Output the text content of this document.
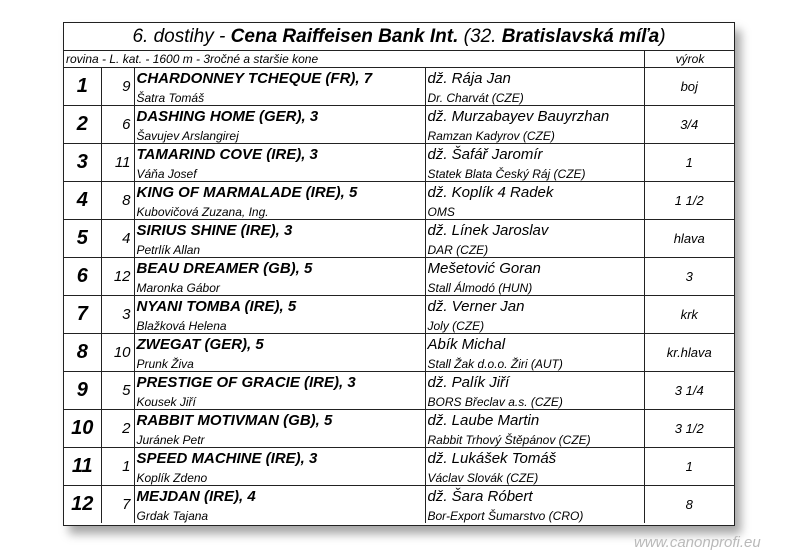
6. dostihy -
Cena Raiffeisen Bank Int.
(32.
Bratislavská míľa )
rovina - L. kat. - 1600 m - 3ročné a staršie kone	výrok
1	9	CHARDONNEY TCHEQUE (FR), 7	dž. Rája Jan	boj
		Šatra Tomáš	Dr. Charvát (CZE)	
2	6	DASHING HOME (GER), 3	dž. Murzabayev Bauyrzhan	3/4
		Šavujev Arslangirej	Ramzan Kadyrov (CZE)	
3	11	TAMARIND COVE (IRE), 3	dž. Šafář Jaromír	1
		Váňa Josef	Statek Blata Český Ráj (CZE)	
4	8	KING OF MARMALADE (IRE), 5	dž. Koplík 4 Radek	1 1/2
		Kubovičová Zuzana, Ing.	OMS	
5	4	SIRIUS SHINE (IRE), 3	dž. Línek Jaroslav	hlava
		Petrlík Allan	DAR (CZE)	
6	12	BEAU DREAMER (GB), 5	Mešetović Goran	3
		Maronka Gábor	Stall Álmodó (HUN)	
7	3	NYANI TOMBA (IRE), 5	dž. Verner Jan	krk
		Blažková Helena	Joly (CZE)	
8	10	ZWEGAT (GER), 5	Abík Michal	kr.hlava
		Prunk Živa	Stall Žak d.o.o. Žiri (AUT)	
9	5	PRESTIGE OF GRACIE (IRE), 3	dž. Palík Jiří	3 1/4
		Kousek Jiří	BORS Břeclav a.s. (CZE)	
10	2	RABBIT MOTIVMAN (GB), 5	dž. Laube Martin	3 1/2
		Juránek Petr	Rabbit Trhový Štěpánov (CZE)	
11	1	SPEED MACHINE (IRE), 3	dž. Lukášek Tomáš	1
		Koplík Zdeno	Václav Slovák (CZE)	
12	7	MEJDAN (IRE), 4	dž. Šara Róbert	8
		Grdak Tajana	Bor-Export Šumarstvo (CRO)	
www.canonprofi.eu
